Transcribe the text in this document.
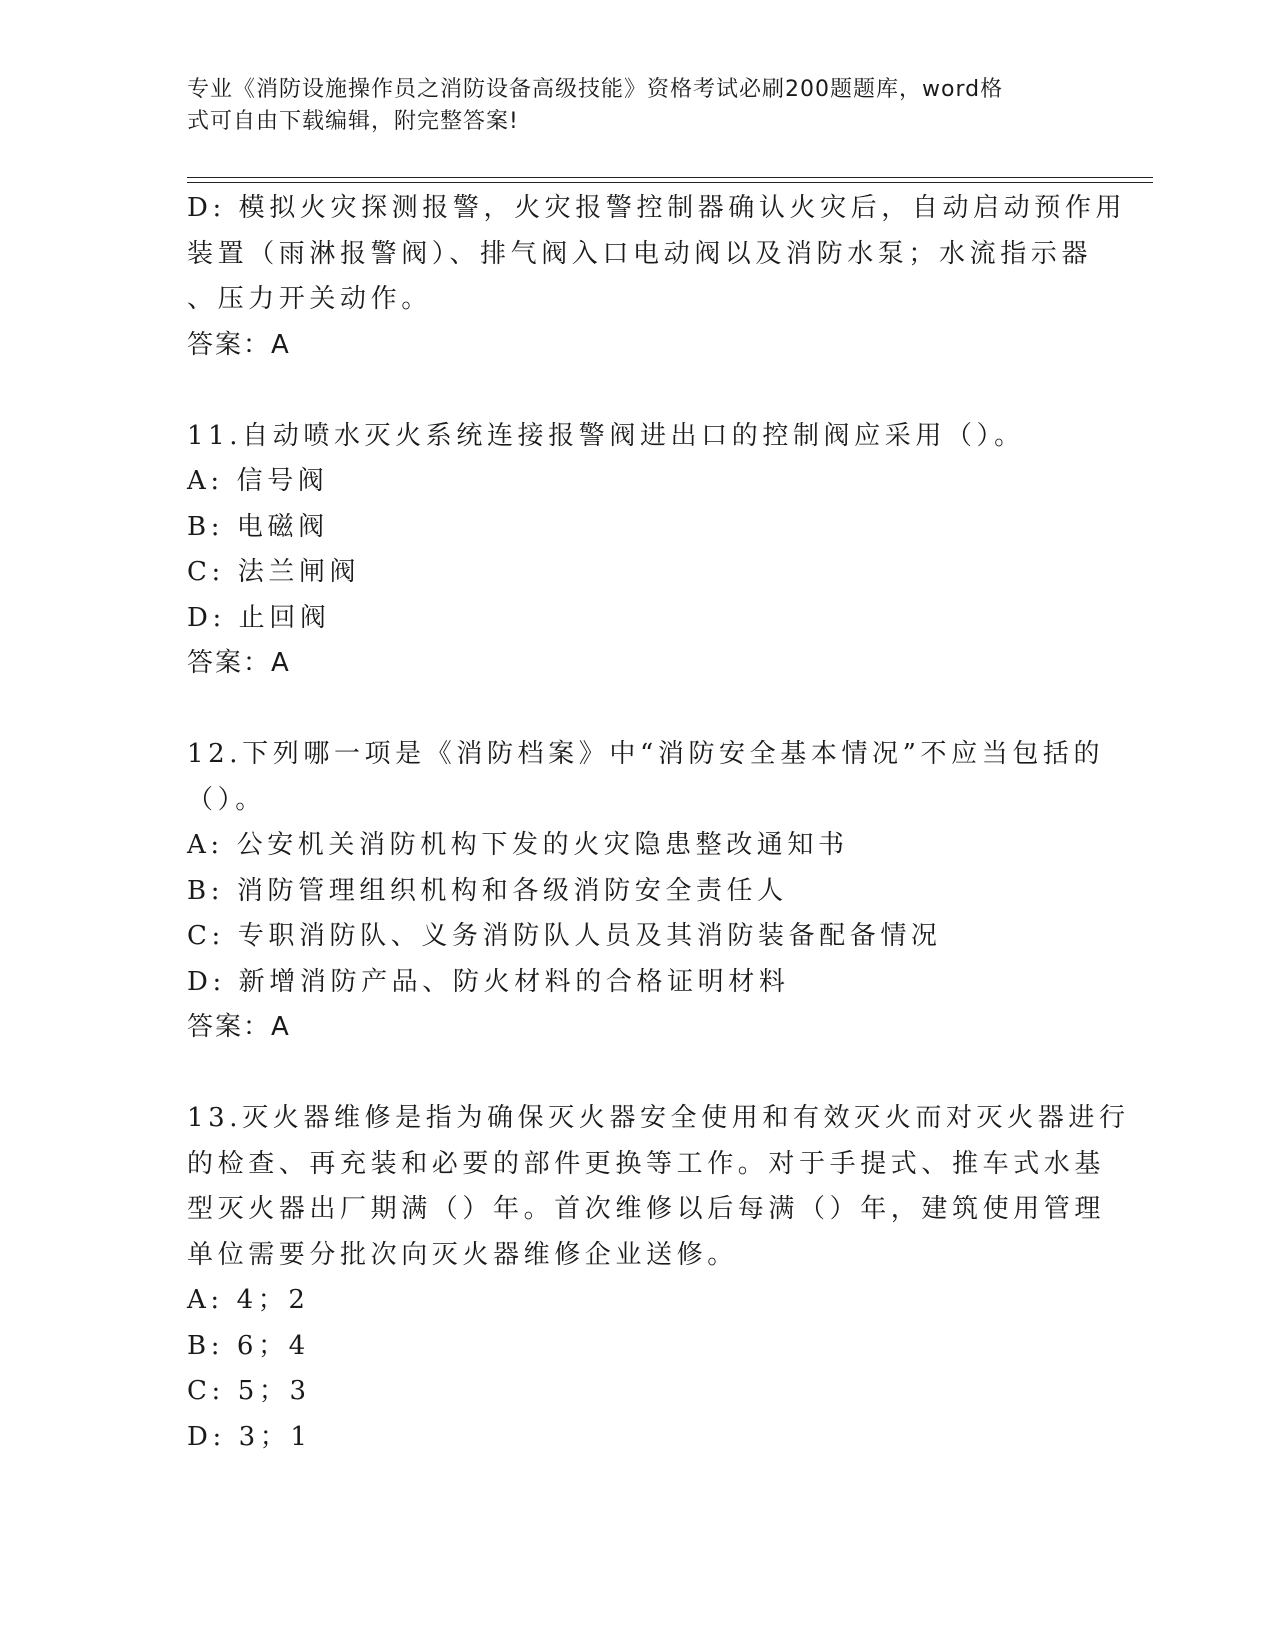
专业《消防设施操作员之消防设备高级技能》资格考试必刷200题题库，word格
式可自由下载编辑，附完整答案!
D: 模拟火灾探测报警，火灾报警控制器确认火灾后，自动启动预作用
装置（雨淋报警阀）、排气阀入口电动阀以及消防水泵；水流指示器
、压力开关动作。
答案：A
11.自动喷水灭火系统连接报警阀进出口的控制阀应采用（）。
A: 信号阀
B: 电磁阀
C: 法兰闸阀
D: 止回阀
答案：A
12.下列哪一项是《消防档案》中“消防安全基本情况”不应当包括的
（）。
A: 公安机关消防机构下发的火灾隐患整改通知书
B: 消防管理组织机构和各级消防安全责任人
C: 专职消防队、义务消防队人员及其消防装备配备情况
D: 新增消防产品、防火材料的合格证明材料
答案：A
13.灭火器维修是指为确保灭火器安全使用和有效灭火而对灭火器进行
的检查、再充装和必要的部件更换等工作。对于手提式、推车式水基
型灭火器出厂期满（）年。首次维修以后每满（）年，建筑使用管理
单位需要分批次向灭火器维修企业送修。
A: 4；2
B: 6；4
C: 5；3
D: 3；1
